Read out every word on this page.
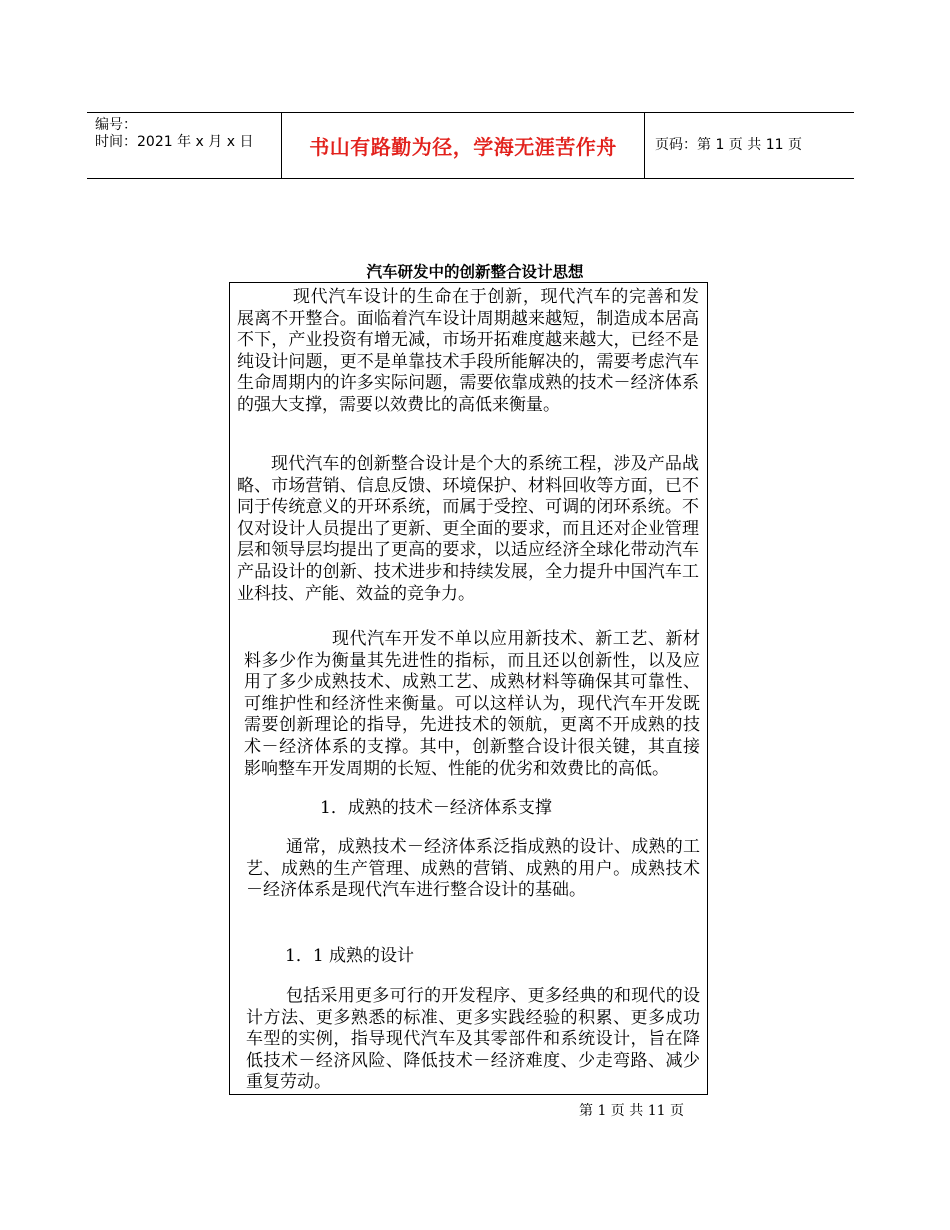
编号：
时间：2021 年 x 月 x 日	书山有路勤为径，学海无涯苦作舟	页码：第 1 页 共 11 页
汽车研发中的创新整合设计思想

现代汽车设计的生命在于创新，现代汽车的完善和发展离不开整合。面临着汽车设计周期越来越短，制造成本居高不下，产业投资有增无减，市场开拓难度越来越大，已经不是纯设计问题，更不是单靠技术手段所能解决的，需要考虑汽车生命周期内的许多实际问题，需要依靠成熟的技术－经济体系的强大支撑，需要以效费比的高低来衡量。

现代汽车的创新整合设计是个大的系统工程，涉及产品战略、市场营销、信息反馈、环境保护、材料回收等方面，已不同于传统意义的开环系统，而属于受控、可调的闭环系统。不仅对设计人员提出了更新、更全面的要求，而且还对企业管理层和领导层均提出了更高的要求，以适应经济全球化带动汽车产品设计的创新、技术进步和持续发展，全力提升中国汽车工业科技、产能、效益的竞争力。

现代汽车开发不单以应用新技术、新工艺、新材料多少作为衡量其先进性的指标，而且还以创新性，以及应用了多少成熟技术、成熟工艺、成熟材料等确保其可靠性、可维护性和经济性来衡量。可以这样认为，现代汽车开发既需要创新理论的指导，先进技术的领航，更离不开成熟的技术－经济体系的支撑。其中，创新整合设计很关键，其直接影响整车开发周期的长短、性能的优劣和效费比的高低。

1．成熟的技术－经济体系支撑

通常，成熟技术－经济体系泛指成熟的设计、成熟的工艺、成熟的生产管理、成熟的营销、成熟的用户。成熟技术－经济体系是现代汽车进行整合设计的基础。

1．1 成熟的设计

包括采用更多可行的开发程序、更多经典的和现代的设计方法、更多熟悉的标准、更多实践经验的积累、更多成功车型的实例，指导现代汽车及其零部件和系统设计，旨在降低技术－经济风险、降低技术－经济难度、少走弯路、减少重复劳动。

第 1 页 共 11 页
